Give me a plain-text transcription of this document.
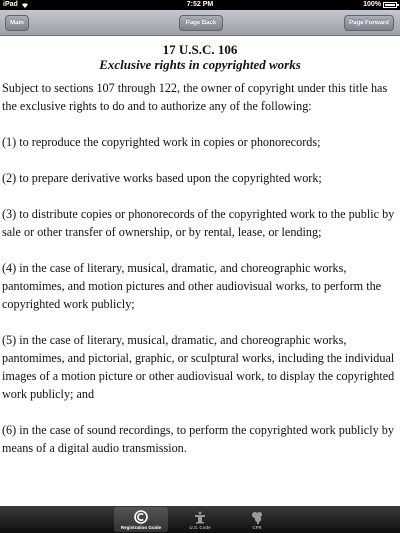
iPad	7:52 PM	100%
Main	Page Back	Page Forward
17 U.S.C. 106
Exclusive rights in copyrighted works

Subject to sections 107 through 122, the owner of copyright under this title has the exclusive rights to do and to authorize any of the following:

(1) to reproduce the copyrighted work in copies or phonorecords;

(2) to prepare derivative works based upon the copyrighted work;

(3) to distribute copies or phonorecords of the copyrighted work to the public by sale or other transfer of ownership, or by rental, lease, or lending;

(4) in the case of literary, musical, dramatic, and choreographic works, pantomimes, and motion pictures and other audiovisual works, to perform the copyrighted work publicly;

(5) in the case of literary, musical, dramatic, and choreographic works, pantomimes, and pictorial, graphic, or sculptural works, including the individual images of a motion picture or other audiovisual work, to display the copyrighted work publicly; and

(6) in the case of sound recordings, to perform the copyrighted work publicly by means of a digital audio transmission.

Registration Guide	U.S. Code	CFR
